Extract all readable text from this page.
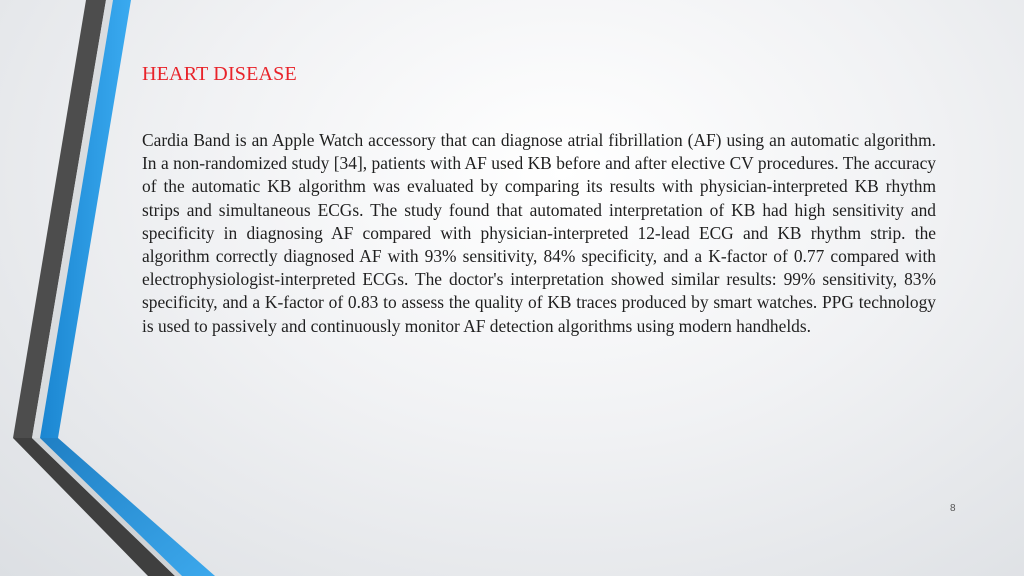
HEART DISEASE
Cardia Band is an Apple Watch accessory that can diagnose atrial fibrillation (AF) using an automatic algorithm. In a non-randomized study [34], patients with AF used KB before and after elective CV procedures. The accuracy of the automatic KB algorithm was evaluated by comparing its results with physician-interpreted KB rhythm strips and simultaneous ECGs. The study found that automated interpretation of KB had high sensitivity and specificity in diagnosing AF compared with physician-interpreted 12-lead ECG and KB rhythm strip. the algorithm correctly diagnosed AF with 93% sensitivity, 84% specificity, and a K-factor of 0.77 compared with electrophysiologist-interpreted ECGs. The doctor's interpretation showed similar results: 99% sensitivity, 83% specificity, and a K-factor of 0.83 to assess the quality of KB traces produced by smart watches. PPG technology is used to passively and continuously monitor AF detection algorithms using modern handhelds.
8
